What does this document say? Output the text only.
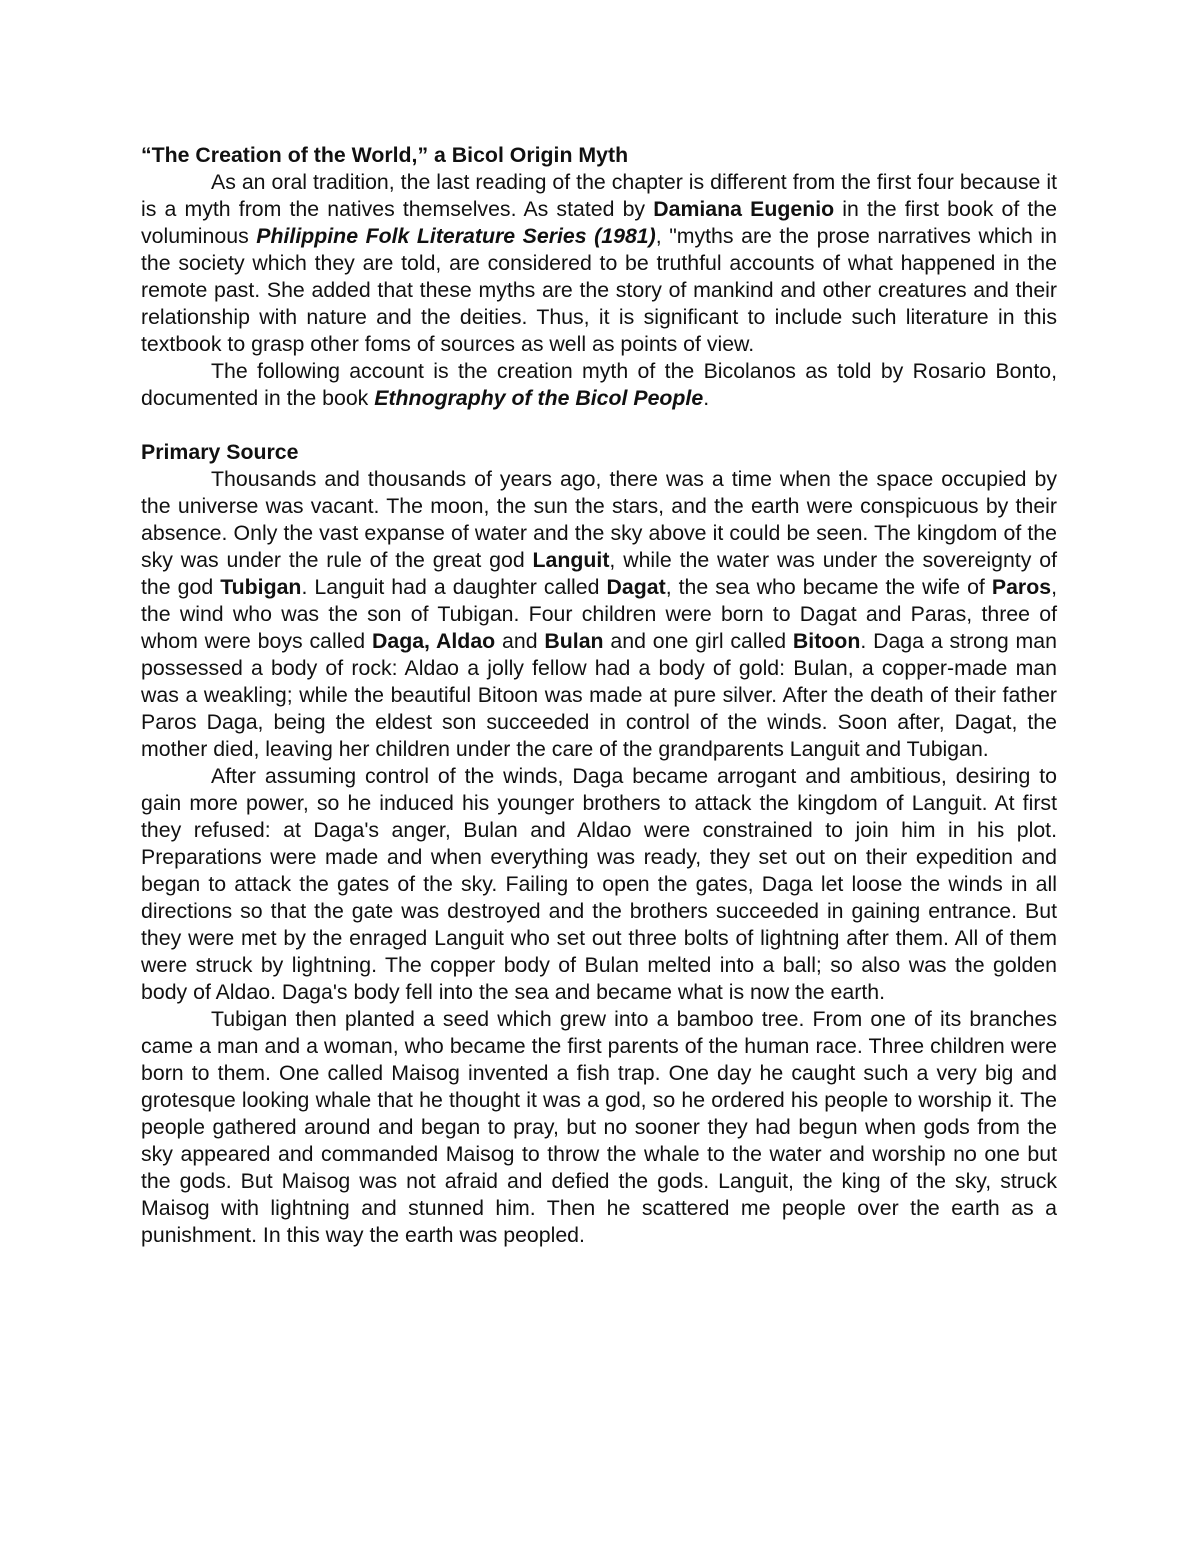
“The Creation of the World,” a Bicol Origin Myth

As an oral tradition, the last reading of the chapter is different from the first four because it is a myth from the natives themselves. As stated by Damiana Eugenio in the first book of the voluminous Philippine Folk Literature Series (1981), "myths are the prose narratives which in the society which they are told, are considered to be truthful accounts of what happened in the remote past. She added that these myths are the story of mankind and other creatures and their relationship with nature and the deities. Thus, it is significant to include such literature in this textbook to grasp other foms of sources as well as points of view.

The following account is the creation myth of the Bicolanos as told by Rosario Bonto, documented in the book Ethnography of the Bicol People.

Primary Source

Thousands and thousands of years ago, there was a time when the space occupied by the universe was vacant. The moon, the sun the stars, and the earth were conspicuous by their absence. Only the vast expanse of water and the sky above it could be seen. The kingdom of the sky was under the rule of the great god Languit, while the water was under the sovereignty of the god Tubigan. Languit had a daughter called Dagat, the sea who became the wife of Paros, the wind who was the son of Tubigan. Four children were born to Dagat and Paras, three of whom were boys called Daga, Aldao and Bulan and one girl called Bitoon. Daga a strong man possessed a body of rock: Aldao a jolly fellow had a body of gold: Bulan, a copper-made man was a weakling; while the beautiful Bitoon was made at pure silver. After the death of their father Paros Daga, being the eldest son succeeded in control of the winds. Soon after, Dagat, the mother died, leaving her children under the care of the grandparents Languit and Tubigan.

After assuming control of the winds, Daga became arrogant and ambitious, desiring to gain more power, so he induced his younger brothers to attack the kingdom of Languit. At first they refused: at Daga's anger, Bulan and Aldao were constrained to join him in his plot. Preparations were made and when everything was ready, they set out on their expedition and began to attack the gates of the sky. Failing to open the gates, Daga let loose the winds in all directions so that the gate was destroyed and the brothers succeeded in gaining entrance. But they were met by the enraged Languit who set out three bolts of lightning after them. All of them were struck by lightning. The copper body of Bulan melted into a ball; so also was the golden body of Aldao. Daga's body fell into the sea and became what is now the earth.

Tubigan then planted a seed which grew into a bamboo tree. From one of its branches came a man and a woman, who became the first parents of the human race. Three children were born to them. One called Maisog invented a fish trap. One day he caught such a very big and grotesque looking whale that he thought it was a god, so he ordered his people to worship it. The people gathered around and began to pray, but no sooner they had begun when gods from the sky appeared and commanded Maisog to throw the whale to the water and worship no one but the gods. But Maisog was not afraid and defied the gods. Languit, the king of the sky, struck Maisog with lightning and stunned him. Then he scattered me people over the earth as a punishment. In this way the earth was peopled.
